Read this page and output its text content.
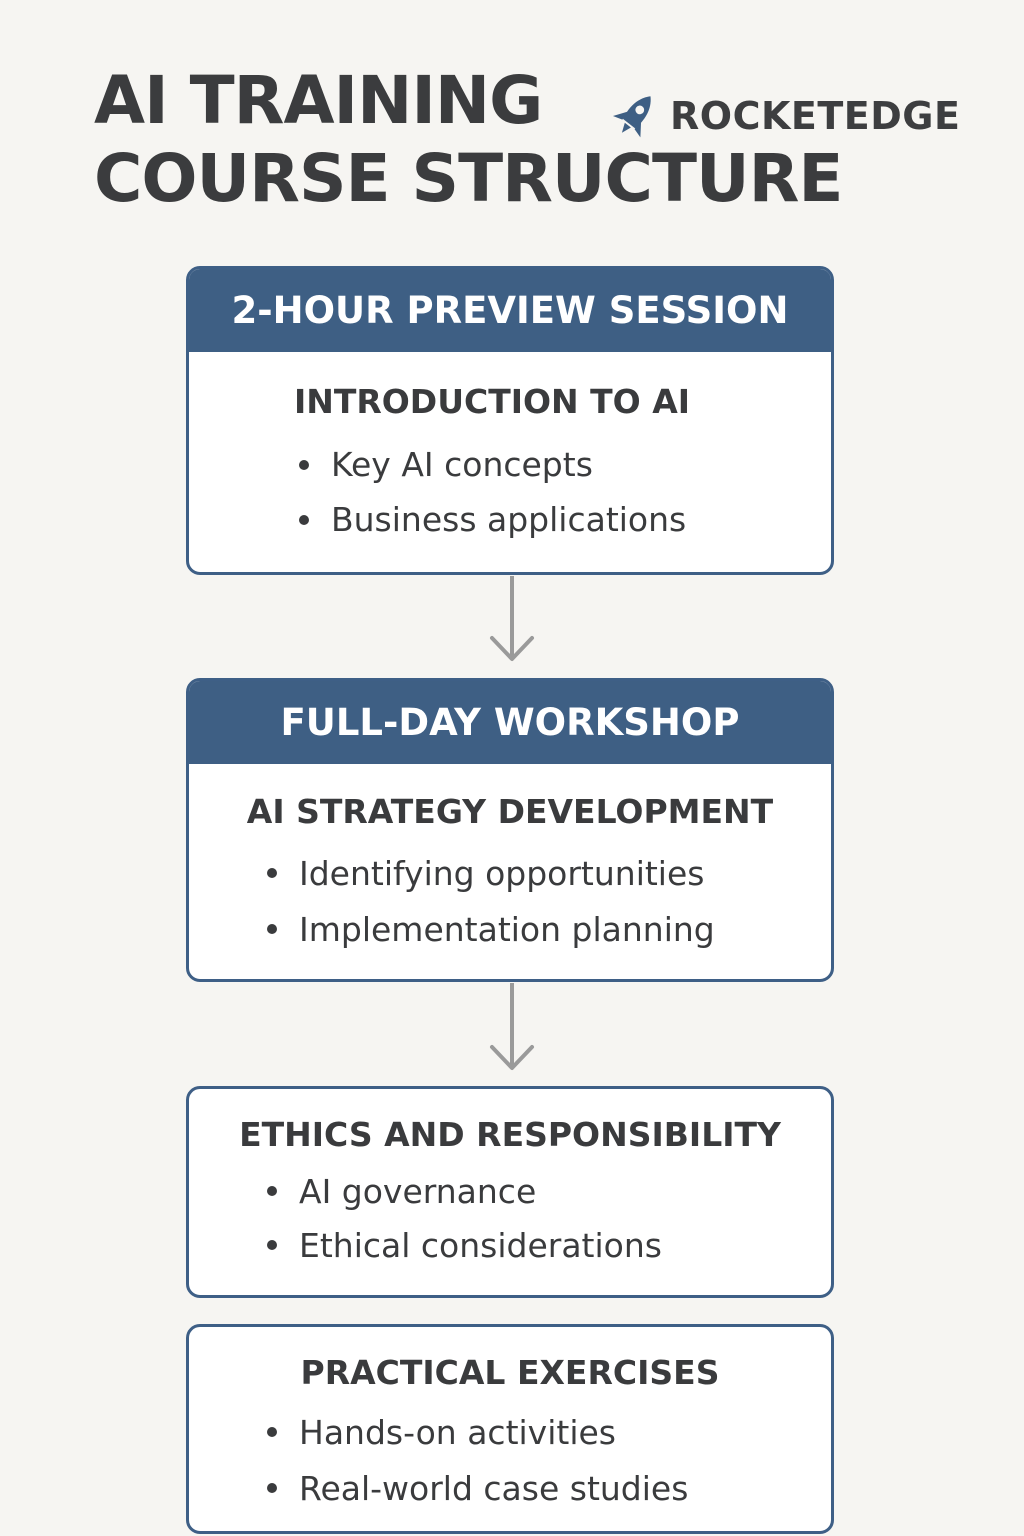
AI TRAINING
COURSE STRUCTURE
ROCKETEDGE
2-HOUR PREVIEW SESSION
INTRODUCTION TO AI
Key AI concepts
Business applications
FULL-DAY WORKSHOP
AI STRATEGY DEVELOPMENT
Identifying opportunities
Implementation planning
ETHICS AND RESPONSIBILITY
AI governance
Ethical considerations
PRACTICAL EXERCISES
Hands-on activities
Real-world case studies
